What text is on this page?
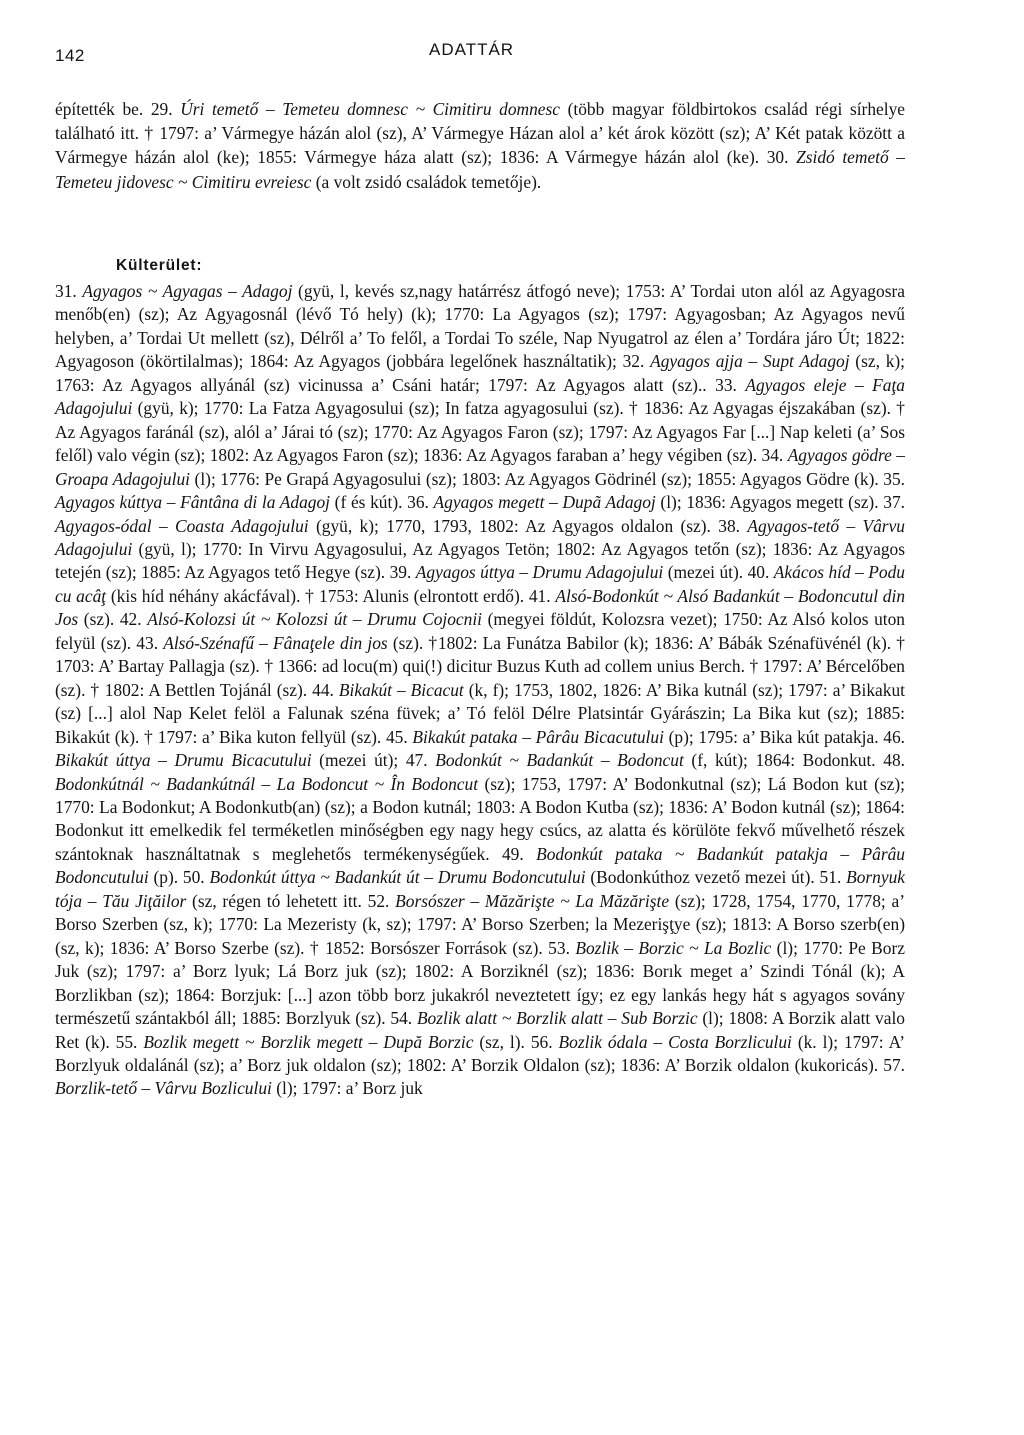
142	ADATTÁR

építették be. 29. Úri temető – Temeteu domnesc ~ Cimitiru domnesc (több magyar földbirtokos család régi sírhelye található itt. † 1797: a’ Vármegye házán alol (sz), A’ Vármegye Házan alol a’ két árok között (sz); A’ Két patak között a Vármegye házán alol (ke); 1855: Vármegye háza alatt (sz); 1836: A Vármegye házán alol (ke). 30. Zsidó temető – Temeteu jidovesc ~ Cimitiru evreiesc (a volt zsidó családok temetője).

Külterület:

31. Agyagos ~ Agyagas – Adagoj (gyü, l, kevés sz,nagy határrész átfogó neve); 1753: A’ Tordai uton alól az Agyagosra menőb(en) (sz); Az Agyagosnál (lévő Tó hely) (k); 1770: La Agyagos (sz); 1797: Agyagosban; Az Agyagos nevű helyben, a’ Tordai Ut mellett (sz), Délről a’ To felől, a Tordai To széle, Nap Nyugatrol az élen a’ Tordára járo Út; 1822: Agyagoson (ökörtilalmas); 1864: Az Agyagos (jobbára legelőnek használtatik); 32. Agyagos ajja – Supt Adagoj (sz, k); 1763: Az Agyagos allyánál (sz) vicinussa a’ Csáni határ; 1797: Az Agyagos alatt (sz).. 33. Agyagos eleje – Faţa Adagojului (gyü, k); 1770: La Fatza Agyagosului (sz); In fatza agyagosului (sz). † 1836: Az Agyagas éjszakában (sz). † Az Agyagos faránál (sz), alól a’ Járai tó (sz); 1770: Az Agyagos Faron (sz); 1797: Az Agyagos Far [...] Nap keleti (a’ Sos felől) valo végin (sz); 1802: Az Agyagos Faron (sz); 1836: Az Agyagos faraban a’ hegy végiben (sz). 34. Agyagos gödre – Groapa Adagojului (l); 1776: Pe Grapá Agyagosului (sz); 1803: Az Agyagos Gödrinél (sz); 1855: Agyagos Gödre (k). 35. Agyagos kúttya – Fântâna di la Adagoj (f és kút). 36. Agyagos megett – Dupã Adagoj (l); 1836: Agyagos megett (sz). 37. Agyagos-ódal – Coasta Adagojului (gyü, k); 1770, 1793, 1802: Az Agyagos oldalon (sz). 38. Agyagos-tető – Vârvu Adagojului (gyü, l); 1770: In Virvu Agyagosului, Az Agyagos Tetön; 1802: Az Agyagos tetőn (sz); 1836: Az Agyagos tetején (sz); 1885: Az Agyagos tető Hegye (sz). 39. Agyagos úttya – Drumu Adagojului (mezei út). 40. Akácos híd – Podu cu acâţ (kis híd néhány akácfával). † 1753: Alunis (elrontott erdő). 41. Alsó-Bodonkút ~ Alsó Badankút – Bodoncutul din Jos (sz). 42. Alsó-Kolozsi út ~ Kolozsi út – Drumu Cojocnii (megyei földút, Kolozsra vezet); 1750: Az Alsó kolos uton felyül (sz). 43. Alsó-Szénafű – Fânaţele din jos (sz). †1802: La Funátza Babilor (k); 1836: A’ Bábák Szénafüvénél (k). † 1703: A’ Bartay Pallagja (sz). † 1366: ad locu(m) qui(!) dicitur Buzus Kuth ad collem unius Berch. † 1797: A’ Bércelőben (sz). † 1802: A Bettlen Tojánál (sz). 44. Bikakút – Bicacut (k, f); 1753, 1802, 1826: A’ Bika kutnál (sz); 1797: a’ Bikakut (sz) [...] alol Nap Kelet felöl a Falunak széna füvek; a’ Tó felöl Délre Platsintár Gyárászin; La Bika kut (sz); 1885: Bikakút (k). † 1797: a’ Bika kuton fellyül (sz). 45. Bikakút pataka – Pârâu Bicacutului (p); 1795: a’ Bika kút patakja. 46. Bikakút úttya – Drumu Bicacutului (mezei út); 47. Bodonkút ~ Badankút – Bodoncut (f, kút); 1864: Bodonkut. 48. Bodonkútnál ~ Badankútnál – La Bodoncut ~ În Bodoncut (sz); 1753, 1797: A’ Bodonkutnal (sz); Lá Bodon kut (sz); 1770: La Bodonkut; A Bodonkutb(an) (sz); a Bodon kutnál; 1803: A Bodon Kutba (sz); 1836: A’ Bodon kutnál (sz); 1864: Bodonkut itt emelkedik fel terméketlen minőségben egy nagy hegy csúcs, az alatta és körülöte fekvő művelhető részek szántoknak használtatnak s meglehetős termékenységűek. 49. Bodonkút pataka ~ Badankút patakja – Pârâu Bodoncutului (p). 50. Bodonkút úttya ~ Badankút út – Drumu Bodoncutului (Bodonkúthoz vezető mezei út). 51. Bornyuk tója – Tău Jiţăilor (sz, régen tó lehetett itt. 52. Borsószer – Măzărişte ~ La Măzărişte (sz); 1728, 1754, 1770, 1778; a’ Borso Szerben (sz, k); 1770: La Mezeristy (k, sz); 1797: A’ Borso Szerben; la Mezerişţye (sz); 1813: A Borso szerb(en) (sz, k); 1836: A’ Borso Szerbe (sz). † 1852: Borsószer Források (sz). 53. Bozlik – Borzic ~ La Bozlic (l); 1770: Pe Borz Juk (sz); 1797: a’ Borz lyuk; Lá Borz juk (sz); 1802: A Borziknél (sz); 1836: Borık meget a’ Szindi Tónál (k); A Borzlikban (sz); 1864: Borzjuk: [...] azon több borz jukakról neveztetett így; ez egy lankás hegy hát s agyagos sovány természetű szántakból áll; 1885: Borzlyuk (sz). 54. Bozlik alatt ~ Borzlik alatt – Sub Borzic (l); 1808: A Borzik alatt valo Ret (k). 55. Bozlik megett ~ Borzlik megett – După Borzic (sz, l). 56. Bozlik ódala – Costa Borzlicului (k. l); 1797: A’ Borzlyuk oldalánál (sz); a’ Borz juk oldalon (sz); 1802: A’ Borzik Oldalon (sz); 1836: A’ Borzik oldalon (kukoricás). 57. Borzlik-tető – Vârvu Bozlicului (l); 1797: a’ Borz juk
